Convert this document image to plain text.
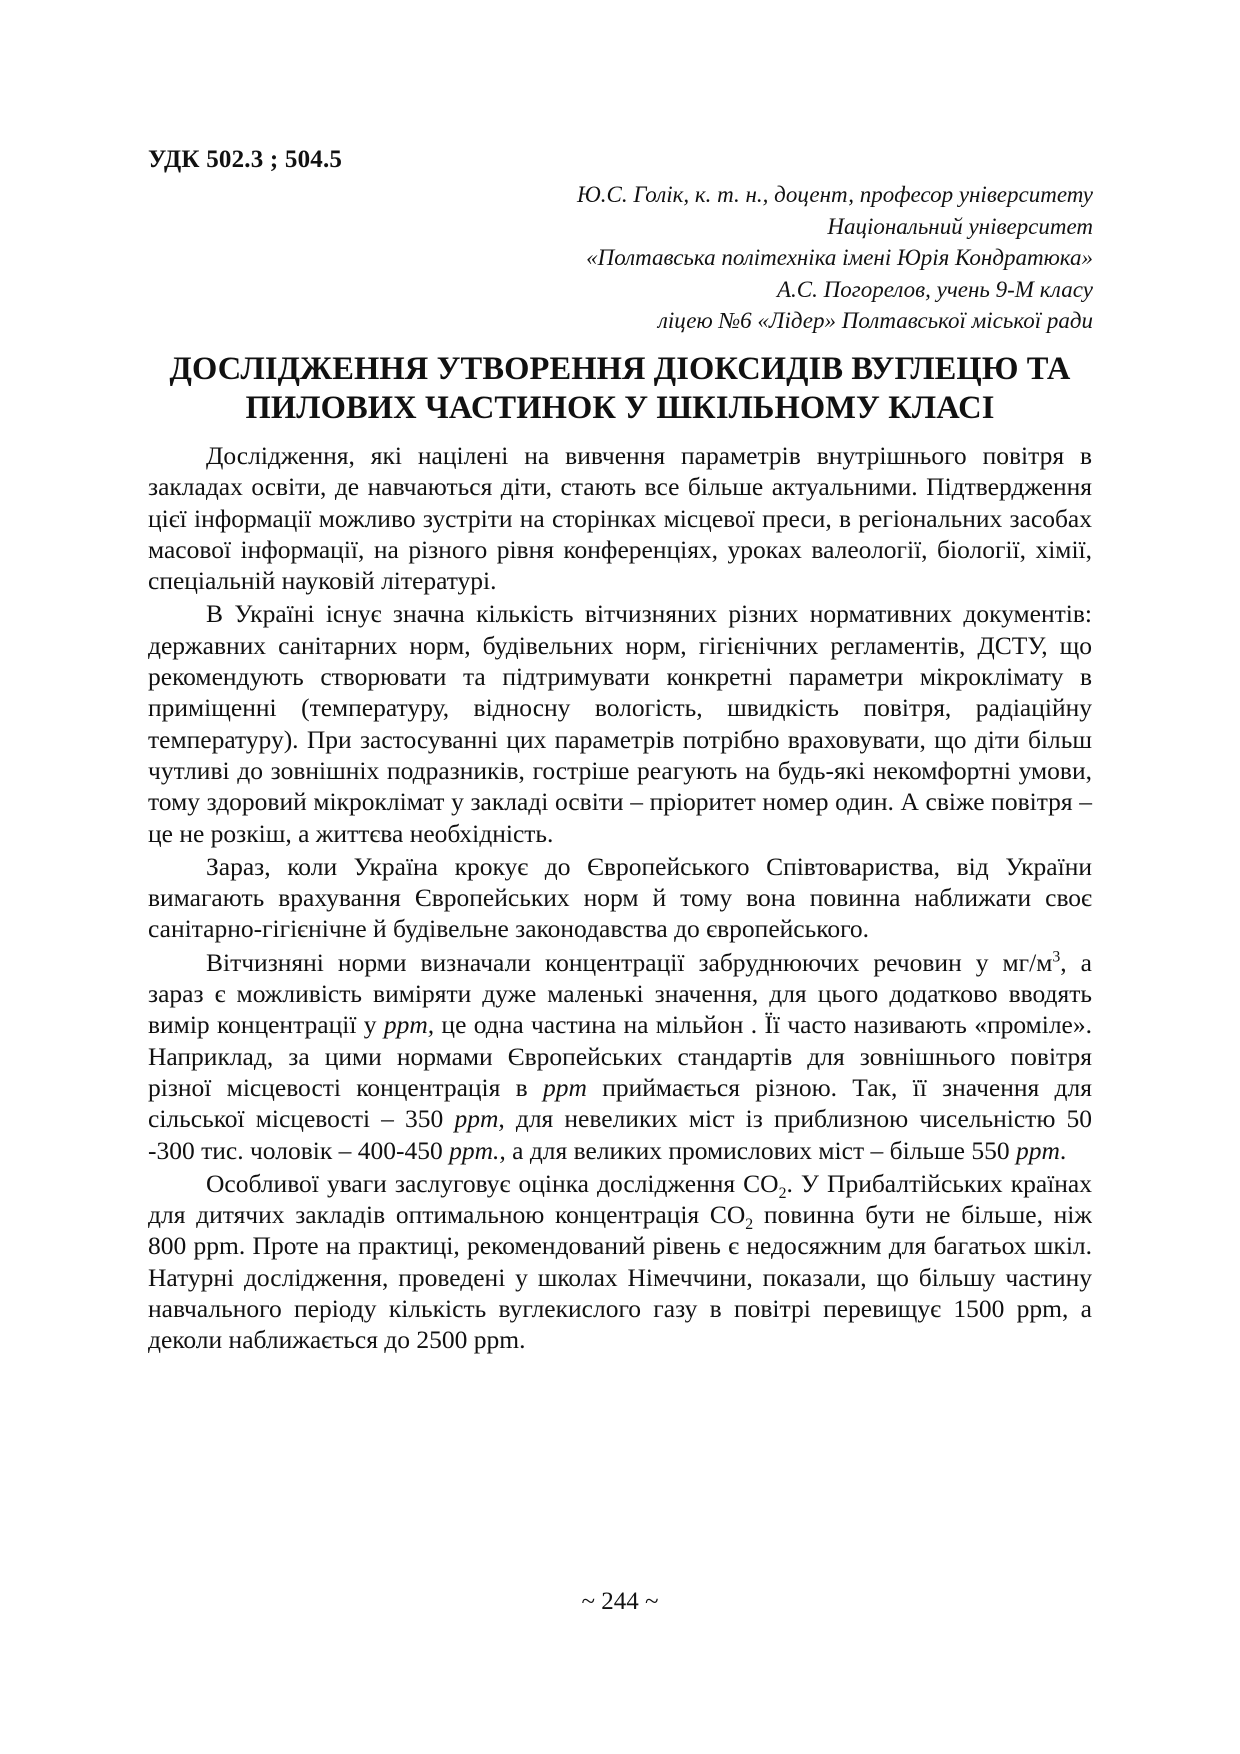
УДК 502.3 ; 504.5
Ю.С. Голік, к. т. н., доцент, професор університету
Національний університет
«Полтавська політехніка імені Юрія Кондратюка»
А.С. Погорелов, учень 9-М класу
ліцею №6 «Лідер» Полтавської міської ради
ДОСЛІДЖЕННЯ УТВОРЕННЯ ДІОКСИДІВ ВУГЛЕЦЮ ТА
ПИЛОВИХ ЧАСТИНОК У ШКІЛЬНОМУ КЛАСІ

Дослідження, які націлені на вивчення параметрів внутрішнього повітря в закладах освіти, де навчаються діти, стають все більше актуальними. Підтвердження цієї інформації можливо зустріти на сторінках місцевої преси, в регіональних засобах масової інформації, на різного рівня конференціях, уроках валеології, біології, хімії, спеціальній науковій літературі.

В Україні існує значна кількість вітчизняних різних нормативних документів: державних санітарних норм, будівельних норм, гігієнічних регламентів, ДСТУ, що рекомендують створювати та підтримувати конкретні параметри мікроклімату в приміщенні (температуру, відносну вологість, швидкість повітря, радіаційну температуру). При застосуванні цих параметрів потрібно враховувати, що діти більш чутливі до зовнішніх подразників, гостріше реагують на будь-які некомфортні умови, тому здоровий мікроклімат у закладі освіти – пріоритет номер один. А свіже повітря – це не розкіш, а життєва необхідність.

Зараз, коли Україна крокує до Європейського Співтовариства, від України вимагають врахування Європейських норм й тому вона повинна наближати своє санітарно-гігієнічне й будівельне законодавства до європейського.

Вітчизняні норми визначали концентрації забруднюючих речовин у $мг/м^3$, а зараз є можливість виміряти дуже маленькі значення, для цього додатково вводять вимір концентрації у ppm, це одна частина на мільйон . Її часто називають «проміле». Наприклад, за цими нормами Європейських стандартів для зовнішнього повітря різної місцевості концентрація в ppm приймається різною. Так, її значення для сільської місцевості – 350 ppm, для невеликих міст із приблизною чисельністю 50 -300 тис. чоловік – 400-450 ppm., а для великих промислових міст – більше 550 ppm.

Особливої уваги заслуговує оцінка дослідження $СО_2$. У Прибалтійських країнах для дитячих закладів оптимальною концентрація $СО_2$ повинна бути не більше, ніж 800 ppm. Проте на практиці, рекомендований рівень є недосяжним для багатьох шкіл. Натурні дослідження, проведені у школах Німеччини, показали, що більшу частину навчального періоду кількість вуглекислого газу в повітрі перевищує 1500 ppm, а деколи наближається до 2500 ppm.

~ 244 ~
